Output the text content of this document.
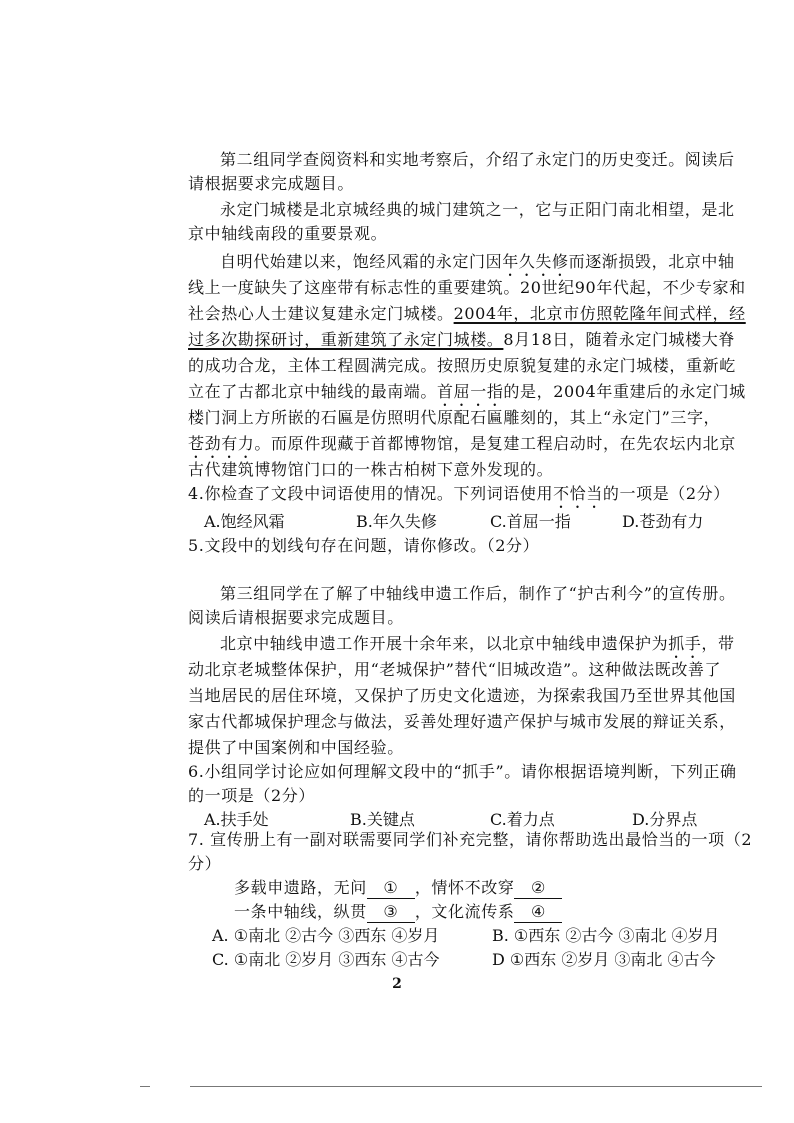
第二组同学查阅资料和实地考察后，介绍了永定门的历史变迁。阅读后
请根据要求完成题目。
永定门城楼是北京城经典的城门建筑之一，它与正阳门南北相望，是北
京中轴线南段的重要景观。
自明代始建以来，饱经风霜的永定门因年久失修而逐渐损毁，北京中轴
线上一度缺失了这座带有标志性的重要建筑。20世纪90年代起，不少专家和
社会热心人士建议复建永定门城楼。2004年，北京市仿照乾隆年间式样，经
过多次勘探研讨，重新建筑了永定门城楼。8月18日，随着永定门城楼大脊
的成功合龙，主体工程圆满完成。按照历史原貌复建的永定门城楼，重新屹
立在了古都北京中轴线的最南端。首屈一指的是，2004年重建后的永定门城
楼门洞上方所嵌的石匾是仿照明代原配石匾雕刻的，其上“永定门”三字，
苍劲有力。而原件现藏于首都博物馆，是复建工程启动时，在先农坛内北京
古代建筑博物馆门口的一株古柏树下意外发现的。
4.你检查了文段中词语使用的情况。下列词语使用不恰当的一项是（2分）
A.饱经风霜	B.年久失修	C.首屈一指	D.苍劲有力
5.文段中的划线句存在问题，请你修改。（2分）
第三组同学在了解了中轴线申遗工作后，制作了“护古利今”的宣传册。
阅读后请根据要求完成题目。
北京中轴线申遗工作开展十余年来，以北京中轴线申遗保护为抓手，带
动北京老城整体保护，用“老城保护”替代“旧城改造”。这种做法既改善了
当地居民的居住环境，又保护了历史文化遗迹，为探索我国乃至世界其他国
家古代都城保护理念与做法，妥善处理好遗产保护与城市发展的辩证关系，
提供了中国案例和中国经验。
6.小组同学讨论应如何理解文段中的“抓手”。请你根据语境判断，下列正确
的一项是（2分）
A.扶手处	B.关键点	C.着力点	D.分界点
7. 宣传册上有一副对联需要同学们补充完整，请你帮助选出最恰当的一项（2
分）
多载申遗路，无问 ① ，情怀不改穿 ②
一条中轴线，纵贯 ③ ，文化流传系 ④
A. ①南北 ②古今 ③西东 ④岁月	B. ①西东 ②古今 ③南北 ④岁月
C. ①南北 ②岁月 ③西东 ④古今	D ①西东 ②岁月 ③南北 ④古今
2
